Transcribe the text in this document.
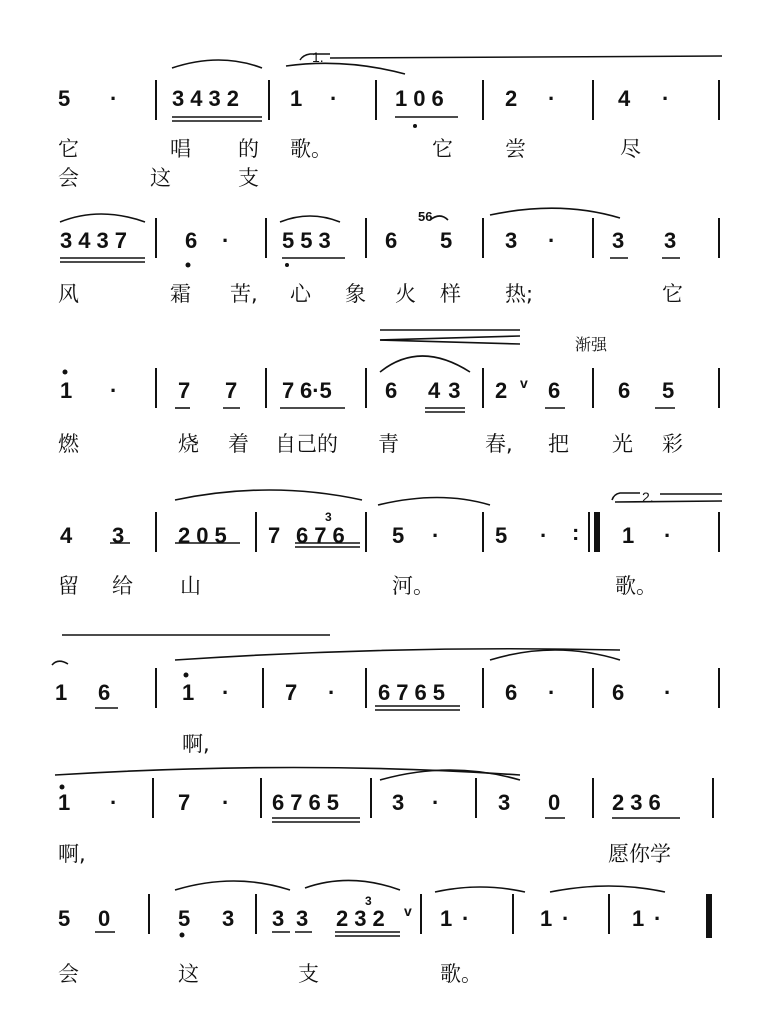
5 · 3432 1 ·	106	2 ·	4 ·
1.
它	唱 的 歌。	它 尝	尽
会	这	支
3437 6 · 553 6
56
5 3 ·	3 3
风	霜 苦, 心 象 火 样 热;	它
渐强
1 ·	7 7 7 6·5 6 43 2 v 6	6 5
燃	烧 着 自己的 青	春, 把 光 彩
2.
4 3 205 7 676
3
5 ·	5 · : 1 ·
留 给 山	河。	歌。
1 6	1 ·	7 · 6765 6 ·	6 ·
啊,
1 ·	7 · 6765 3 ·	3 0 236
啊,	愿你学
5 0	5 3 3 3 232
3
v 1 ·	1 ·	1 ·
会	这	支	歌。
